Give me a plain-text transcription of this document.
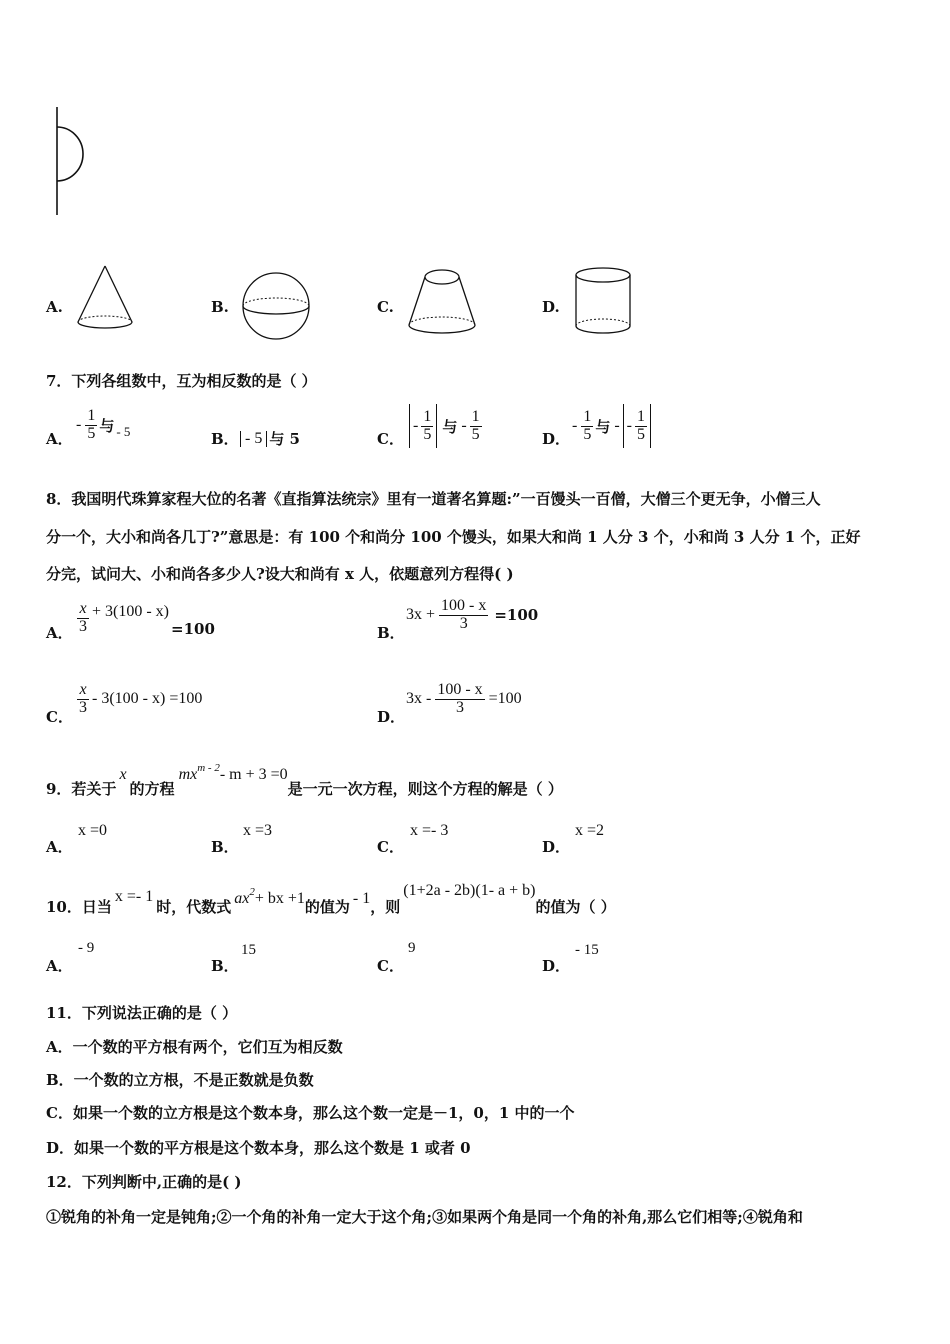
A.	B.	C.	D.
7．下列各组数中，互为相反数的是（ ）
A．
- $\frac{1}{5}$ 与 - 5	B． - 5 与 5	C．
- $\frac{1}{5}$ 与 - $\frac{1}{5}$	D．
- $\frac{1}{5}$ 与 - - $\frac{1}{5}$
8．我国明代珠算家程大位的名著《直指算法统宗》里有一道著名算题:”一百馒头一百僧，大僧三个更无争，小僧三人
分一个，大小和尚各几丁?”意思是：有 100 个和尚分 100 个馒头，如果大和尚 1 人分 3 个，小和尚 3 人分 1 个，正好
分完，试问大、小和尚各多少人?设大和尚有 x 人，依题意列方程得( )
A． $\frac{x}{3} + 3(100 - x)$
=100	B．
$3x + \frac{100 - x}{3} =100$
C．
$\frac{x}{3} - 3(100 - x) =100$
D．
$3x - \frac{100 - x}{3} =100$
9．若关于
x
的方程
mx m - 2 - m + 3 =0
是一元一次方程，则这个方程的解是（ ）
A．
x =0
B．
x =3
C．
x =- 3
D．
x =2
10．日当
x =- 1
时，代数式 ax 2 + bx +1 的值为 - 1 ，则
(1+2a - 2b)(1- a + b)
的值为（ ）
A．
- 9
B．
15
C．
9
D．
- 15
11．下列说法正确的是（ ）
A．一个数的平方根有两个，它们互为相反数
B．一个数的立方根，不是正数就是负数
C．如果一个数的立方根是这个数本身，那么这个数一定是－1，0，1 中的一个
D．如果一个数的平方根是这个数本身，那么这个数是 1 或者 0
12．下列判断中,正确的是( )
①锐角的补角一定是钝角;②一个角的补角一定大于这个角;③如果两个角是同一个角的补角,那么它们相等;④锐角和
